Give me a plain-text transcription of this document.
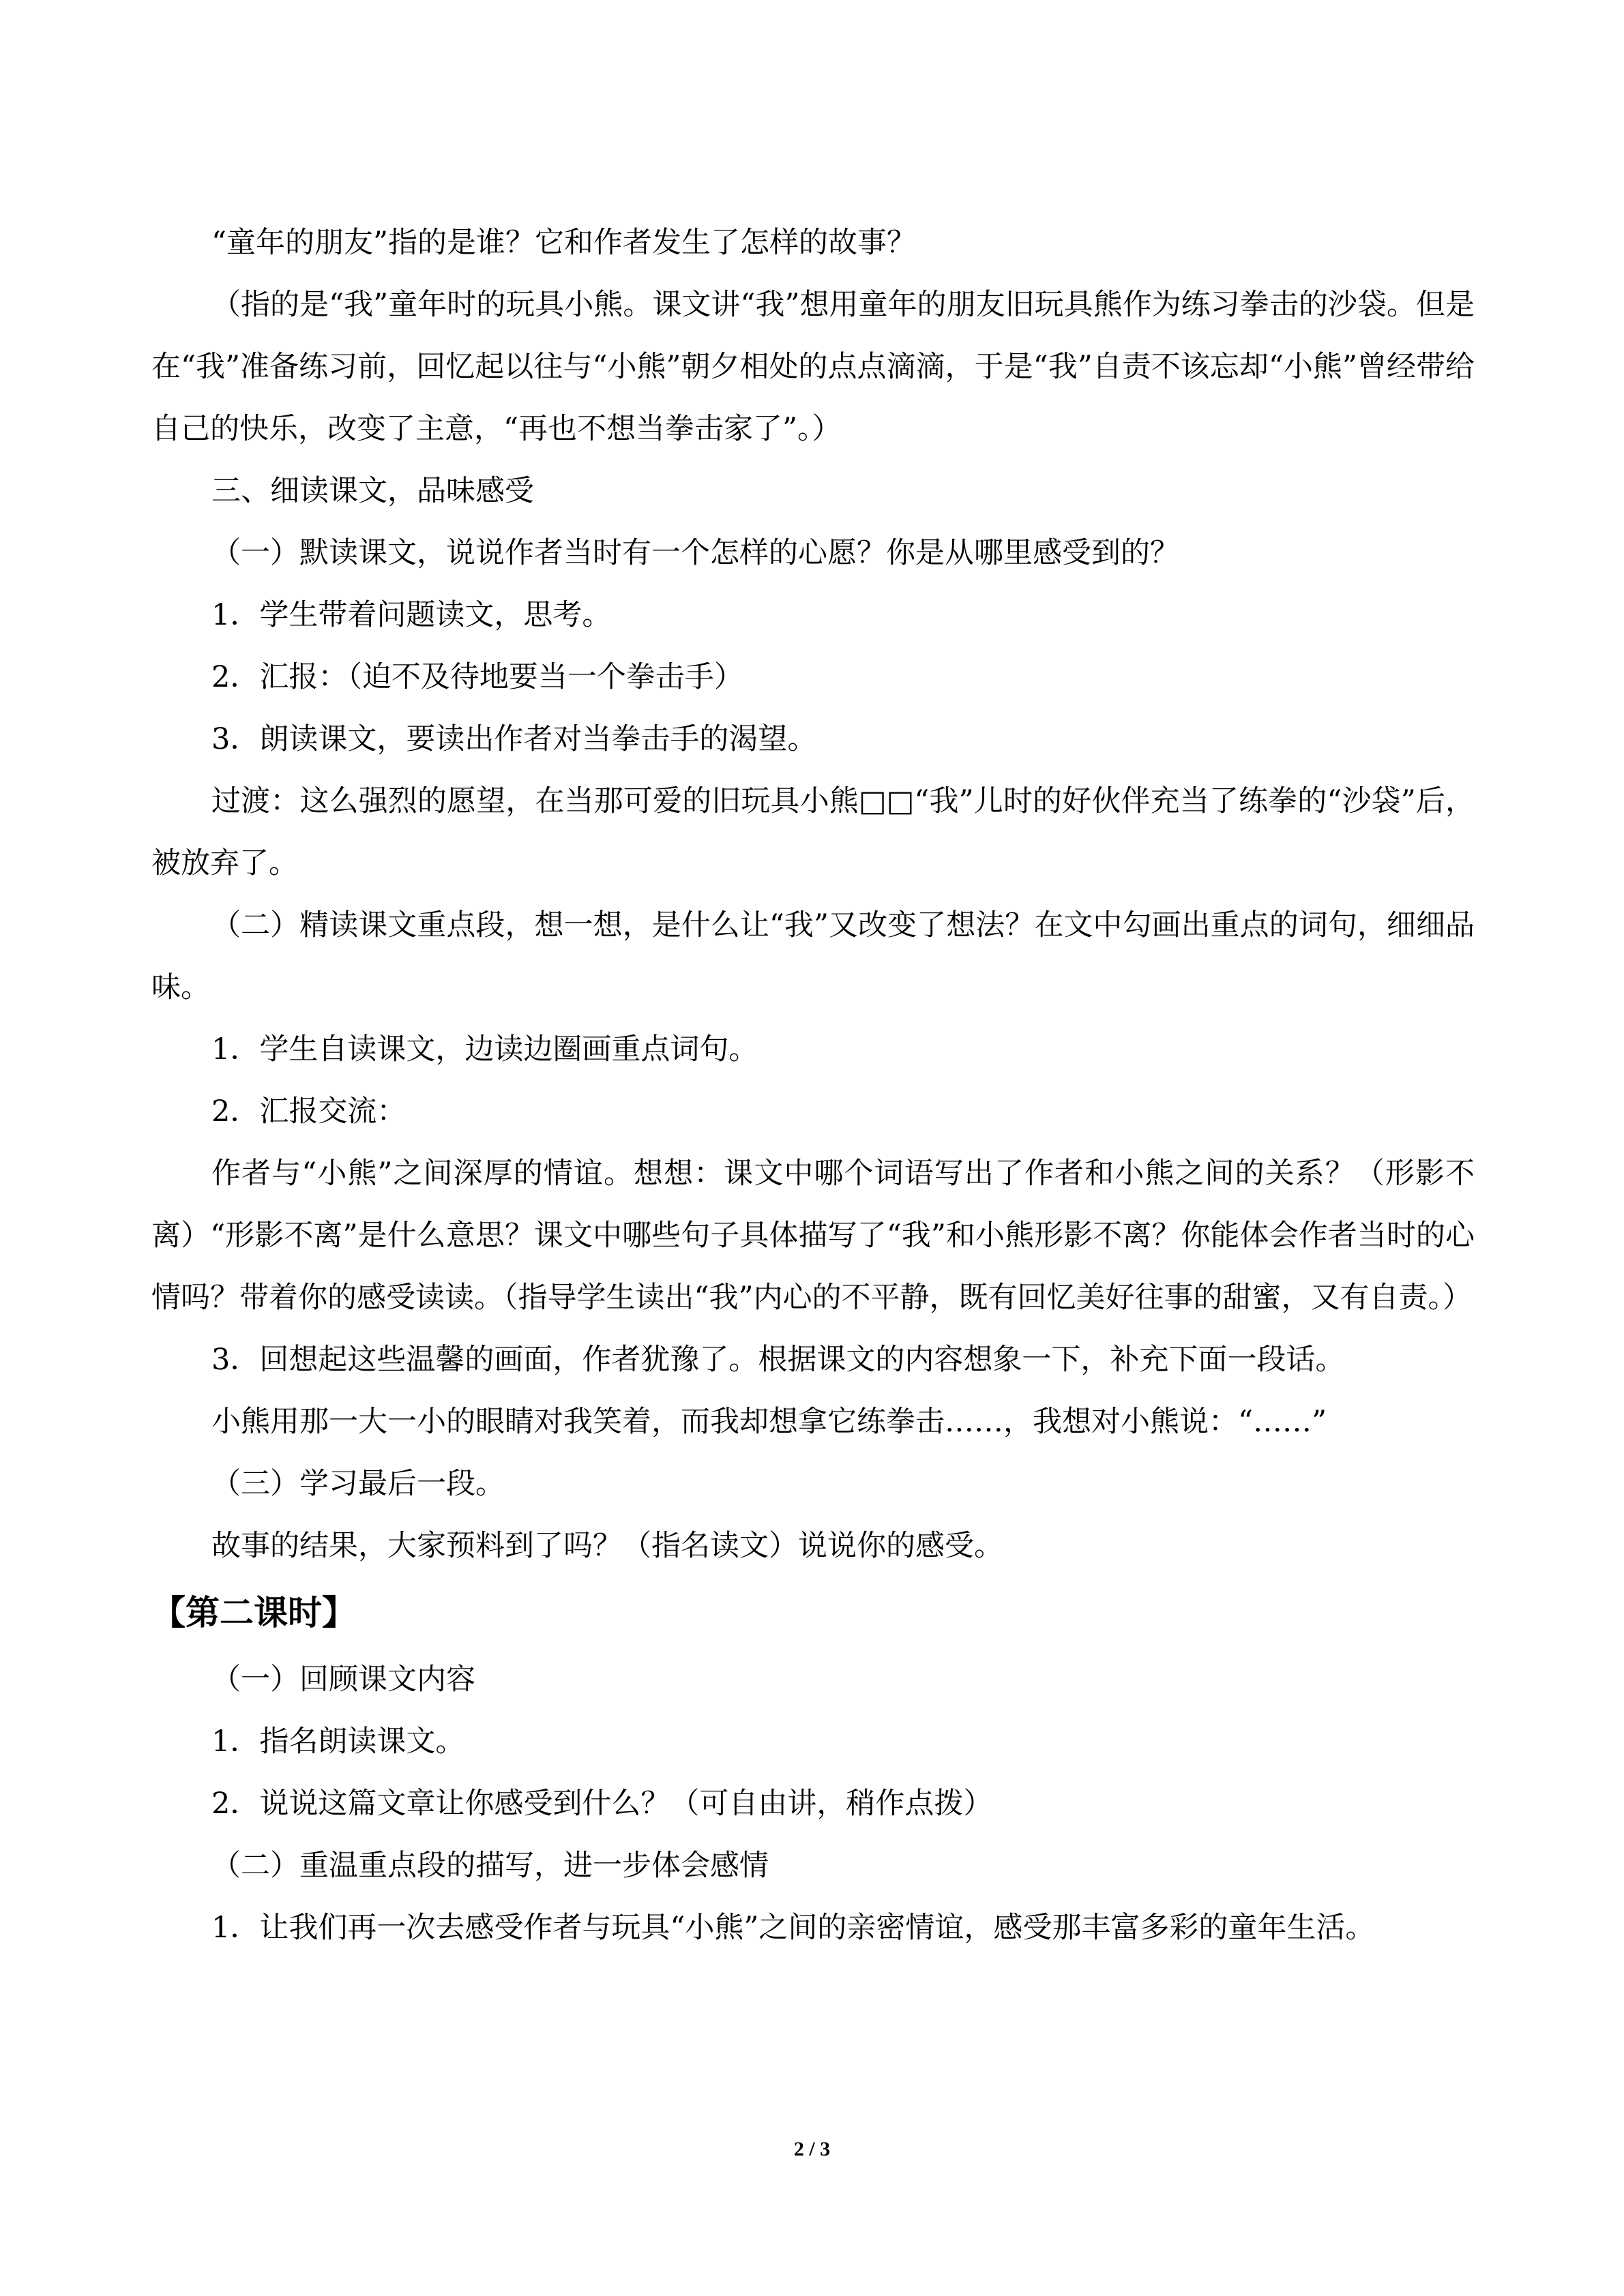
“童年的朋友”指的是谁？它和作者发生了怎样的故事？

（指的是“我”童年时的玩具小熊。课文讲“我”想用童年的朋友旧玩具熊作为练习拳击的沙袋。但是在“我”准备练习前，回忆起以往与“小熊”朝夕相处的点点滴滴，于是“我”自责不该忘却“小熊”曾经带给自己的快乐，改变了主意，“再也不想当拳击家了”。）

三、细读课文，品味感受

（一）默读课文，说说作者当时有一个怎样的心愿？你是从哪里感受到的？

1．学生带着问题读文，思考。

2．汇报：（迫不及待地要当一个拳击手）

3．朗读课文，要读出作者对当拳击手的渴望。

过渡：这么强烈的愿望，在当那可爱的旧玩具小熊□□“我”儿时的好伙伴充当了练拳的“沙袋”后，被放弃了。

（二）精读课文重点段，想一想，是什么让“我”又改变了想法？在文中勾画出重点的词句，细细品味。

1．学生自读课文，边读边圈画重点词句。

2．汇报交流：

作者与“小熊”之间深厚的情谊。想想：课文中哪个词语写出了作者和小熊之间的关系？（形影不离）“形影不离”是什么意思？课文中哪些句子具体描写了“我”和小熊形影不离？你能体会作者当时的心情吗？带着你的感受读读。（指导学生读出“我”内心的不平静，既有回忆美好往事的甜蜜，又有自责。）

3．回想起这些温馨的画面，作者犹豫了。根据课文的内容想象一下，补充下面一段话。

小熊用那一大一小的眼睛对我笑着，而我却想拿它练拳击……，我想对小熊说：“……”

（三）学习最后一段。

故事的结果，大家预料到了吗？（指名读文）说说你的感受。

【第二课时】

（一）回顾课文内容

1．指名朗读课文。

2．说说这篇文章让你感受到什么？（可自由讲，稍作点拨）

（二）重温重点段的描写，进一步体会感情

1．让我们再一次去感受作者与玩具“小熊”之间的亲密情谊，感受那丰富多彩的童年生活。

2 / 3
